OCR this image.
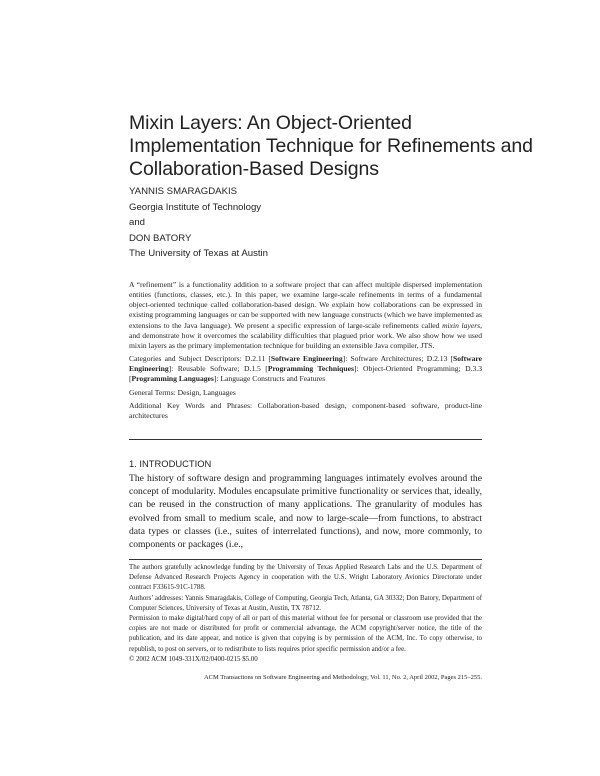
Mixin Layers: An Object-Oriented Implementation Technique for Refinements and Collaboration-Based Designs
YANNIS SMARAGDAKIS
Georgia Institute of Technology
and
DON BATORY
The University of Texas at Austin

A “refinement” is a functionality addition to a software project that can affect multiple dispersed implementation entities (functions, classes, etc.). In this paper, we examine large-scale refinements in terms of a fundamental object-oriented technique called collaboration-based design. We explain how collaborations can be expressed in existing programming languages or can be supported with new language constructs (which we have implemented as extensions to the Java language). We present a specific expression of large-scale refinements called mixin layers, and demonstrate how it overcomes the scalability difficulties that plagued prior work. We also show how we used mixin layers as the primary implementation technique for building an extensible Java compiler, JTS.

Categories and Subject Descriptors: D.2.11 [Software Engineering]: Software Architectures; D.2.13 [Software Engineering]: Reusable Software; D.1.5 [Programming Techniques]: Object-Oriented Programming; D.3.3 [Programming Languages]: Language Constructs and Features

General Terms: Design, Languages

Additional Key Words and Phrases: Collaboration-based design, component-based software, product-line architectures

1. INTRODUCTION

The history of software design and programming languages intimately evolves around the concept of modularity. Modules encapsulate primitive functionality or services that, ideally, can be reused in the construction of many applications. The granularity of modules has evolved from small to medium scale, and now to large-scale—from functions, to abstract data types or classes (i.e., suites of interrelated functions), and now, more commonly, to components or packages (i.e.,

The authors gratefully acknowledge funding by the University of Texas Applied Research Labs and the U.S. Department of Defense Advanced Research Projects Agency in cooperation with the U.S. Wright Laboratory Avionics Directorate under contract F33615-91C-1788.

Authors’ addresses: Yannis Smaragdakis, College of Computing, Georgia Tech, Atlanta, GA 30332; Don Batory, Department of Computer Sciences, University of Texas at Austin, Austin, TX 78712.

Permission to make digital/hard copy of all or part of this material without fee for personal or classroom use provided that the copies are not made or distributed for profit or commercial advantage, the ACM copyright/server notice, the title of the publication, and its date appear, and notice is given that copying is by permission of the ACM, Inc. To copy otherwise, to republish, to post on servers, or to redistribute to lists requires prior specific permission and/or a fee.

© 2002 ACM 1049-331X/02/0400-0215 $5.00

ACM Transactions on Software Engineering and Methodology, Vol. 11, No. 2, April 2002, Pages 215–255.
